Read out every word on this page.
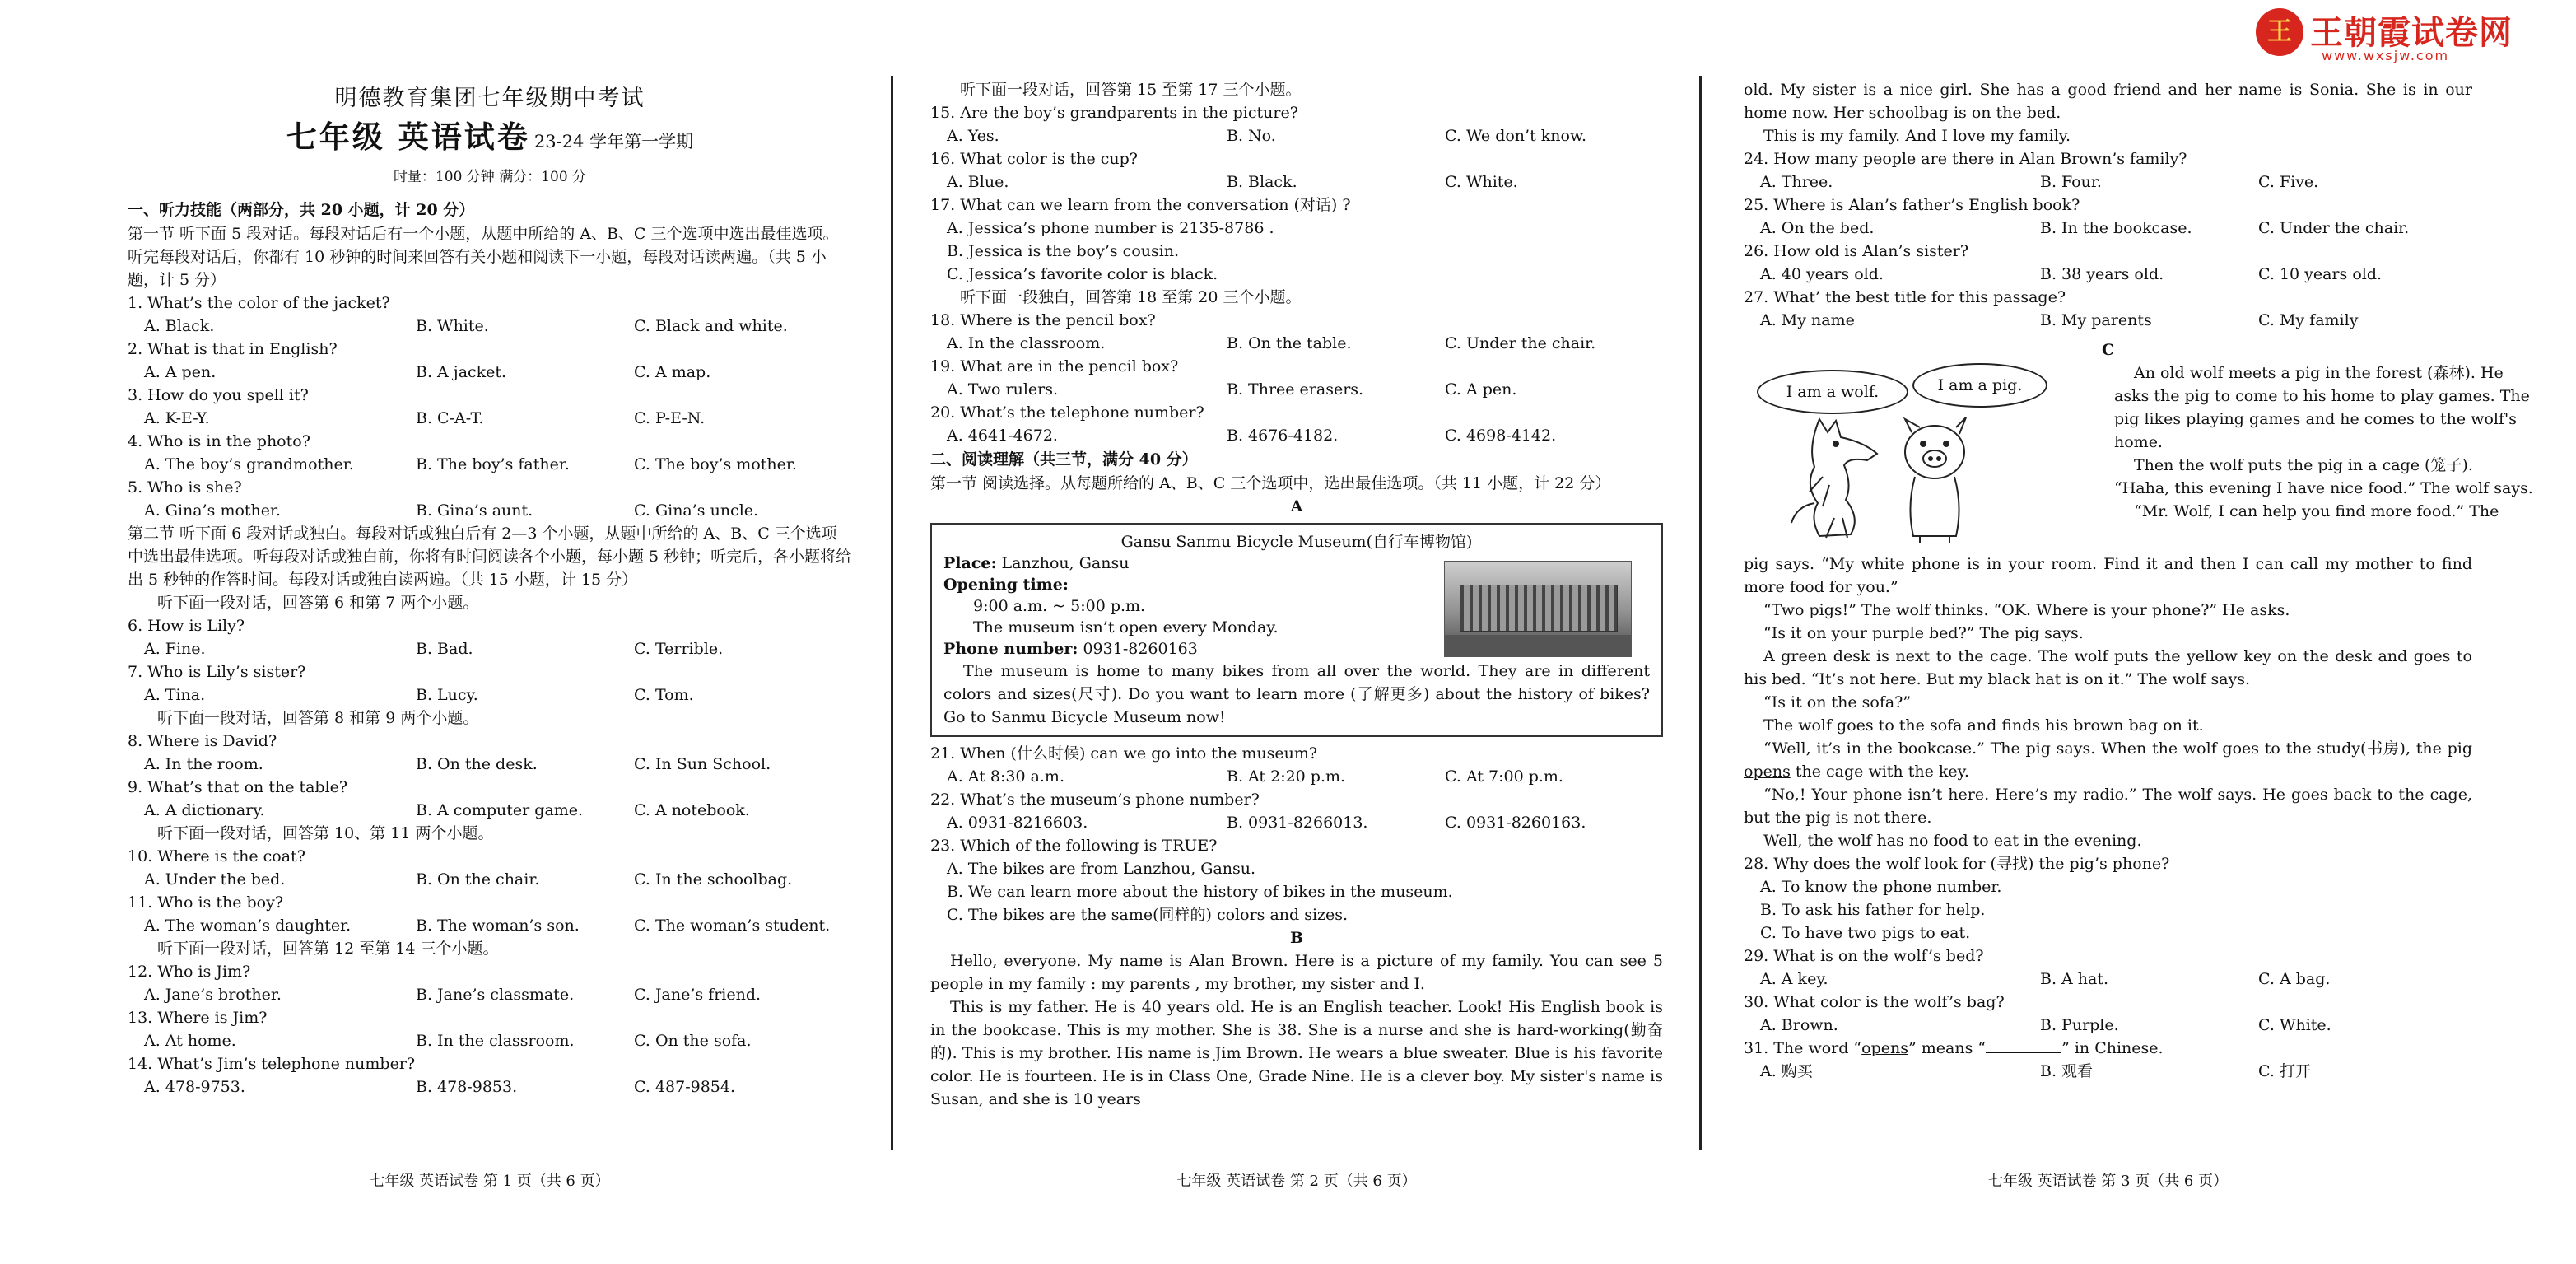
王 王朝霞试卷网
www.wxsjw.com
明德教育集团七年级期中考试
七年级 英语试卷 23-24 学年第一学期
时量：100 分钟 满分：100 分
一、听力技能（两部分，共 20 小题，计 20 分）
第一节 听下面 5 段对话。每段对话后有一个小题，从题中所给的 A、B、C 三个选项中选出最佳选项。听完每段对话后，你都有 10 秒钟的时间来回答有关小题和阅读下一小题，每段对话读两遍。（共 5 小题，计 5 分）
1. What’s the color of the jacket?
A. Black.	B. White.	C. Black and white.
2. What is that in English?
A. A pen.	B. A jacket.	C. A map.
3. How do you spell it?
A. K-E-Y.	B. C-A-T.	C. P-E-N.
4. Who is in the photo?
A. The boy’s grandmother.	B. The boy’s father.	C. The boy’s mother.
5. Who is she?
A. Gina’s mother.	B. Gina’s aunt.	C. Gina’s uncle.
第二节 听下面 6 段对话或独白。每段对话或独白后有 2—3 个小题，从题中所给的 A、B、C 三个选项中选出最佳选项。听每段对话或独白前，你将有时间阅读各个小题，每小题 5 秒钟；听完后，各小题将给出 5 秒钟的作答时间。每段对话或独白读两遍。（共 15 小题，计 15 分）
听下面一段对话，回答第 6 和第 7 两个小题。
6. How is Lily?
A. Fine.	B. Bad.	C. Terrible.
7. Who is Lily’s sister?
A. Tina.	B. Lucy.	C. Tom.
听下面一段对话，回答第 8 和第 9 两个小题。
8. Where is David?
A. In the room.	B. On the desk.	C. In Sun School.
9. What’s that on the table?
A. A dictionary.	B. A computer game.	C. A notebook.
听下面一段对话，回答第 10、第 11 两个小题。
10. Where is the coat?
A. Under the bed.	B. On the chair.	C. In the schoolbag.
11. Who is the boy?
A. The woman’s daughter.	B. The woman’s son.	C. The woman’s student.
听下面一段对话，回答第 12 至第 14 三个小题。
12. Who is Jim?
A. Jane’s brother.	B. Jane’s classmate.	C. Jane’s friend.
13. Where is Jim?
A. At home.	B. In the classroom.	C. On the sofa.
14. What’s Jim’s telephone number?
A. 478-9753.	B. 478-9853.	C. 487-9854.
听下面一段对话，回答第 15 至第 17 三个小题。
15. Are the boy’s grandparents in the picture?
A. Yes.	B. No.	C. We don’t know.
16. What color is the cup?
A. Blue.	B. Black.	C. White.
17. What can we learn from the conversation (对话) ?
A. Jessica’s phone number is 2135-8786 .
B. Jessica is the boy’s cousin.
C. Jessica’s favorite color is black.
听下面一段独白，回答第 18 至第 20 三个小题。
18. Where is the pencil box?
A. In the classroom.	B. On the table.	C. Under the chair.
19. What are in the pencil box?
A. Two rulers.	B. Three erasers.	C. A pen.
20. What’s the telephone number?
A. 4641-4672.	B. 4676-4182.	C. 4698-4142.
二、阅读理解（共三节，满分 40 分）
第一节 阅读选择。从每题所给的 A、B、C 三个选项中，选出最佳选项。（共 11 小题，计 22 分）
A
Gansu Sanmu Bicycle Museum(自行车博物馆)
Place: Lanzhou, Gansu
Opening time:
9:00 a.m. ~ 5:00 p.m.
The museum isn’t open every Monday.
Phone number: 0931-8260163
The museum is home to many bikes from all over the world. They are in different colors and sizes(尺寸). Do you want to learn more (了解更多) about the history of bikes? Go to Sanmu Bicycle Museum now!
21. When (什么时候) can we go into the museum?
A. At 8:30 a.m.	B. At 2:20 p.m.	C. At 7:00 p.m.
22. What’s the museum’s phone number?
A. 0931-8216603.	B. 0931-8266013.	C. 0931-8260163.
23. Which of the following is TRUE?
A. The bikes are from Lanzhou, Gansu.
B. We can learn more about the history of bikes in the museum.
C. The bikes are the same(同样的) colors and sizes.
B
Hello, everyone. My name is Alan Brown. Here is a picture of my family. You can see 5 people in my family : my parents , my brother, my sister and I.
This is my father. He is 40 years old. He is an English teacher. Look! His English book is in the bookcase. This is my mother. She is 38. She is a nurse and she is hard-working(勤奋的). This is my brother. His name is Jim Brown. He wears a blue sweater. Blue is his favorite color. He is fourteen. He is in Class One, Grade Nine. He is a clever boy. My sister's name is Susan, and she is 10 years
old. My sister is a nice girl. She has a good friend and her name is Sonia. She is in our home now. Her schoolbag is on the bed.
This is my family. And I love my family.
24. How many people are there in Alan Brown’s family?
A. Three.	B. Four.	C. Five.
25. Where is Alan’s father’s English book?
A. On the bed.	B. In the bookcase.	C. Under the chair.
26. How old is Alan’s sister?
A. 40 years old.	B. 38 years old.	C. 10 years old.
27. What’ the best title for this passage?
A. My name	B. My parents	C. My family
C
I am a wolf.	I am a pig.
An old wolf meets a pig in the forest (森林). He
asks the pig to come to his home to play games. The
pig likes playing games and he comes to the wolf's
home.
Then the wolf puts the pig in a cage (笼子).
“Haha, this evening I have nice food.” The wolf says.
“Mr. Wolf, I can help you find more food.” The
pig says. “My white phone is in your room. Find it and then I can call my mother to find more food for you.”
“Two pigs!” The wolf thinks. “OK. Where is your phone?” He asks.
“Is it on your purple bed?” The pig says.
A green desk is next to the cage. The wolf puts the yellow key on the desk and goes to his bed. “It’s not here. But my black hat is on it.” The wolf says.
“Is it on the sofa?”
The wolf goes to the sofa and finds his brown bag on it.
“Well, it’s in the bookcase.” The pig says. When the wolf goes to the study(书房), the pig opens the cage with the key.
“No,! Your phone isn’t here. Here’s my radio.” The wolf says. He goes back to the cage, but the pig is not there.
Well, the wolf has no food to eat in the evening.
28. Why does the wolf look for (寻找) the pig’s phone?
A. To know the phone number.
B. To ask his father for help.
C. To have two pigs to eat.
29. What is on the wolf’s bed?
A. A key.	B. A hat.	C. A bag.
30. What color is the wolf’s bag?
A. Brown.	B. Purple.	C. White.
31. The word “opens” means “	” in Chinese.
A. 购买	B. 观看	C. 打开
七年级 英语试卷 第 1 页（共 6 页）	七年级 英语试卷 第 2 页（共 6 页）	七年级 英语试卷 第 3 页（共 6 页）
